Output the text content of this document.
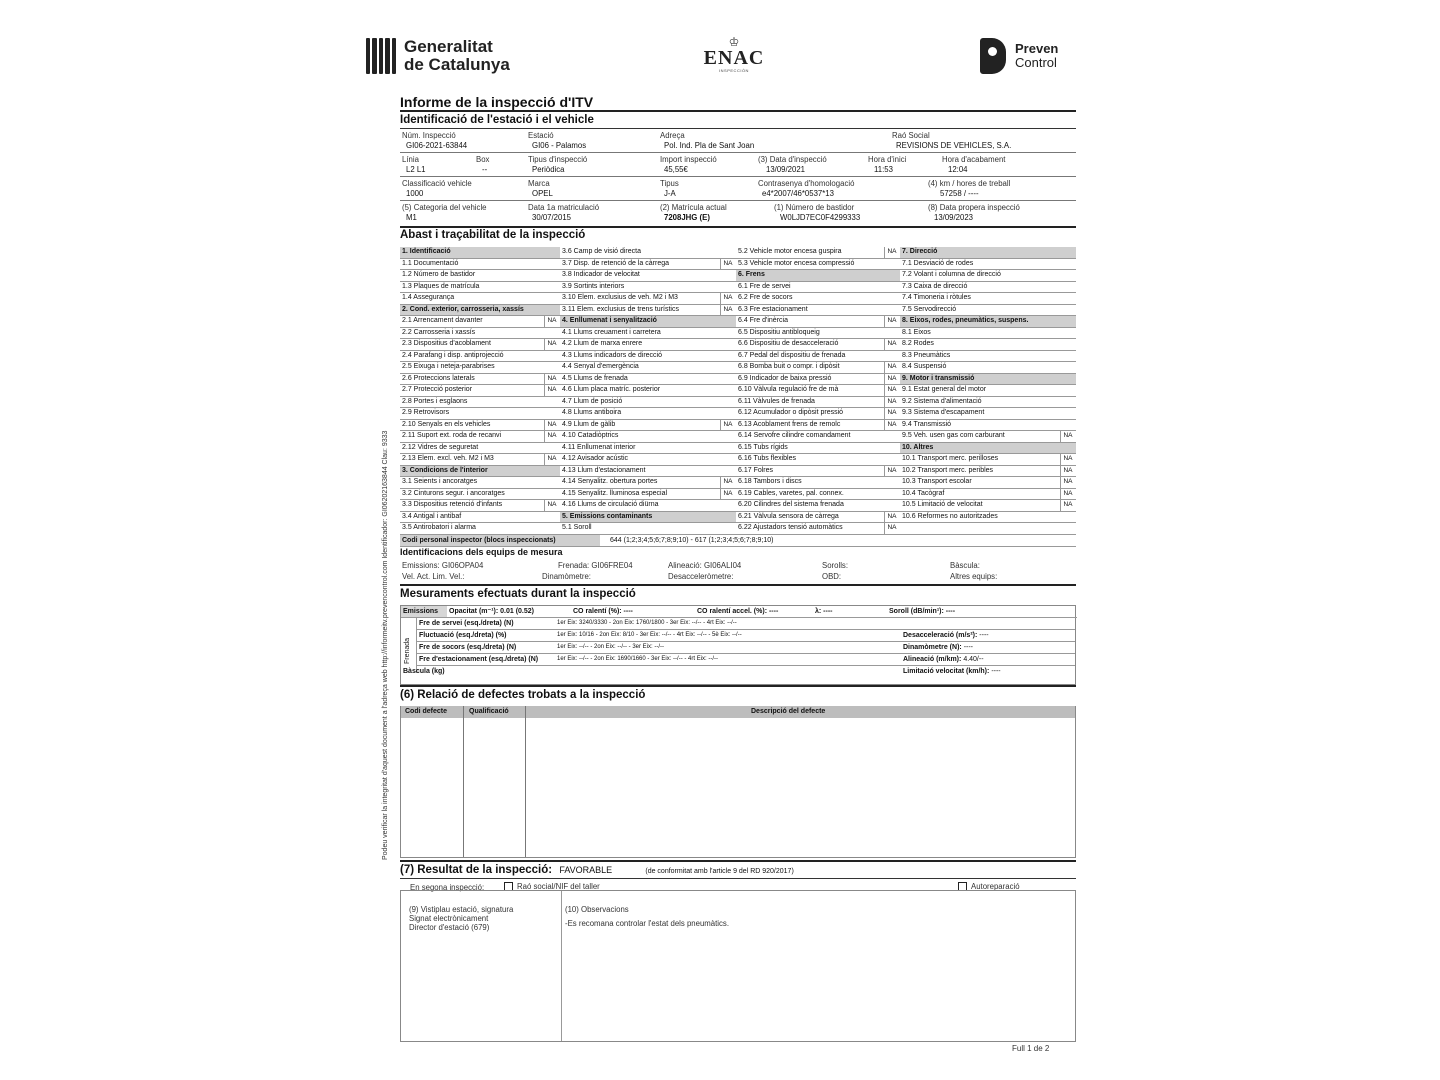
Generalitat
de Catalunya
♔
ENAC
INSPECCIÓN
Preven
Control
Informe de la inspecció d'ITV
Identificació de l'estació i el vehicle
Núm. Inspecció
GI06-2021-63844
Estació
GI06 - Palamos
Adreça
Pol. Ind. Pla de Sant Joan
Raó Social
REVISIONS DE VEHICLES, S.A.
Línia
L2 L1
Box
--
Tipus d'inspecció
Periòdica
Import inspecció
45,55€
(3) Data d'inspecció
13/09/2021
Hora d'inici
11:53
Hora d'acabament
12:04
Classificació vehicle
1000
Marca
OPEL
Tipus
J-A
Contrasenya d'homologació
e4*2007/46*0537*13
(4) km / hores de treball
57258 / ----
(5) Categoria del vehicle
M1
Data 1a matriculació
30/07/2015
(2) Matrícula actual
7208JHG (E)
(1) Número de bastidor
W0LJD7EC0F4299333
(8) Data propera inspecció
13/09/2023
Abast i traçabilitat de la inspecció
1. Identificació
1.1 Documentació
1.2 Número de bastidor
1.3 Plaques de matrícula
1.4 Assegurança
2. Cond. exterior, carrosseria, xassís
2.1 Arrencament davanter	NA
2.2 Carrosseria i xassís
2.3 Dispositius d'acoblament	NA
2.4 Parafang i disp. antiprojecció
2.5 Eixuga i neteja-parabrises
2.6 Proteccions laterals	NA
2.7 Protecció posterior	NA
2.8 Portes i esglaons
2.9 Retrovisors
2.10 Senyals en els vehicles	NA
2.11 Suport ext. roda de recanvi	NA
2.12 Vidres de seguretat
2.13 Elem. excl. veh. M2 i M3	NA
3. Condicions de l'interior
3.1 Seients i ancoratges
3.2 Cinturons segur. i ancoratges
3.3 Dispositius retenció d'infants	NA
3.4 Antigal i antibaf
3.5 Antirobatori i alarma
3.6 Camp de visió directa
3.7 Disp. de retenció de la càrrega	NA
3.8 Indicador de velocitat
3.9 Sortints interiors
3.10 Elem. exclusius de veh. M2 i M3	NA
3.11 Elem. exclusius de trens turístics	NA
4. Enllumenat i senyalització
4.1 Llums creuament i carretera
4.2 Llum de marxa enrere
4.3 Llums indicadors de direcció
4.4 Senyal d'emergència
4.5 Llums de frenada
4.6 Llum placa matríc. posterior
4.7 Llum de posició
4.8 Llums antiboira
4.9 Llum de gàlib	NA
4.10 Catadiòptrics
4.11 Enllumenat interior
4.12 Avisador acústic
4.13 Llum d'estacionament
4.14 Senyalitz. obertura portes	NA
4.15 Senyalitz. lluminosa especial	NA
4.16 Llums de circulació diürna
5. Emissions contaminants
5.1 Soroll
5.2 Vehicle motor encesa guspira	NA
5.3 Vehicle motor encesa compressió
6. Frens
6.1 Fre de servei
6.2 Fre de socors
6.3 Fre estacionament
6.4 Fre d'inèrcia	NA
6.5 Dispositiu antibloqueig
6.6 Dispositiu de desacceleració	NA
6.7 Pedal del dispositiu de frenada
6.8 Bomba buit o compr. i dipòsit	NA
6.9 Indicador de baixa pressió	NA
6.10 Vàlvula regulació fre de mà	NA
6.11 Vàlvules de frenada	NA
6.12 Acumulador o dipòsit pressió	NA
6.13 Acoblament frens de remolc	NA
6.14 Servofre cilindre comandament
6.15 Tubs rígids
6.16 Tubs flexibles
6.17 Folres	NA
6.18 Tambors i discs
6.19 Cables, varetes, pal. connex.
6.20 Cilindres del sistema frenada
6.21 Vàlvula sensora de càrrega	NA
6.22 Ajustadors tensió automàtics	NA
7. Direcció
7.1 Desviació de rodes
7.2 Volant i columna de direcció
7.3 Caixa de direcció
7.4 Timoneria i ròtules
7.5 Servodirecció
8. Eixos, rodes, pneumàtics, suspens.
8.1 Eixos
8.2 Rodes
8.3 Pneumàtics
8.4 Suspensió
9. Motor i transmissió
9.1 Estat general del motor
9.2 Sistema d'alimentació
9.3 Sistema d'escapament
9.4 Transmissió
9.5 Veh. usen gas com carburant	NA
10. Altres
10.1 Transport merc. perilloses	NA
10.2 Transport merc. peribles	NA
10.3 Transport escolar	NA
10.4 Tacògraf	NA
10.5 Limitació de velocitat	NA
10.6 Reformes no autoritzades
Codi personal inspector (blocs inspeccionats)	644 (1;2;3;4;5;6;7;8;9;10) - 617 (1;2;3;4;5;6;7;8;9;10)
Identificacions dels equips de mesura
Emissions: GI06OPA04	Frenada: GI06FRE04	Alineació: GI06ALI04	Sorolls:	Bàscula:
Vel. Act. Lim. Vel.:	Dinamòmetre:	Desacceleròmetre:	OBD:	Altres equips:
Mesuraments efectuats durant la inspecció
Emissions	Opacitat (m⁻¹): 0.01 (0.52)	CO ralentí (%): ----	CO ralentí accel. (%): ----	λ: ----	Soroll (dB/min¹): ----
Frenada
Fre de servei (esq./dreta) (N)	1er Eix: 3240/3330 - 2on Eix: 1760/1800 - 3er Eix: --/-- - 4rt Eix: --/--
Fluctuació (esq./dreta) (%)	1er Eix: 10/16 - 2on Eix: 8/10 - 3er Eix: --/-- - 4rt Eix: --/-- - 5è Eix: --/--	Desacceleració (m/s²): ----
Fre de socors (esq./dreta) (N)	1er Eix: --/-- - 2on Eix: --/-- - 3er Eix: --/--	Dinamòmetre (N): ----
Fre d'estacionament (esq./dreta) (N)	1er Eix: --/-- - 2on Eix: 1690/1660 - 3er Eix: --/-- - 4rt Eix: --/--	Alineació (m/km): 4.40/--
Bàscula (kg)	Limitació velocitat (km/h): ----
(6) Relació de defectes trobats a la inspecció
Codi defecte	Qualificació	Descripció del defecte
(7) Resultat de la inspecció: FAVORABLE	(de conformitat amb l'article 9 del RD 920/2017)
En segona inspecció:	Raó social/NIF del taller	Autoreparació
(9) Vistiplau estació, signatura
Signat electrònicament
Director d'estació (679)
(10) Observacions
-Es recomana controlar l'estat dels pneumàtics.
Full 1 de 2
Podeu verificar la integritat d'aquest document a l'adreça web http://informeitv.prevencontrol.com Identificador: GI06202163844 Clau: 9333
